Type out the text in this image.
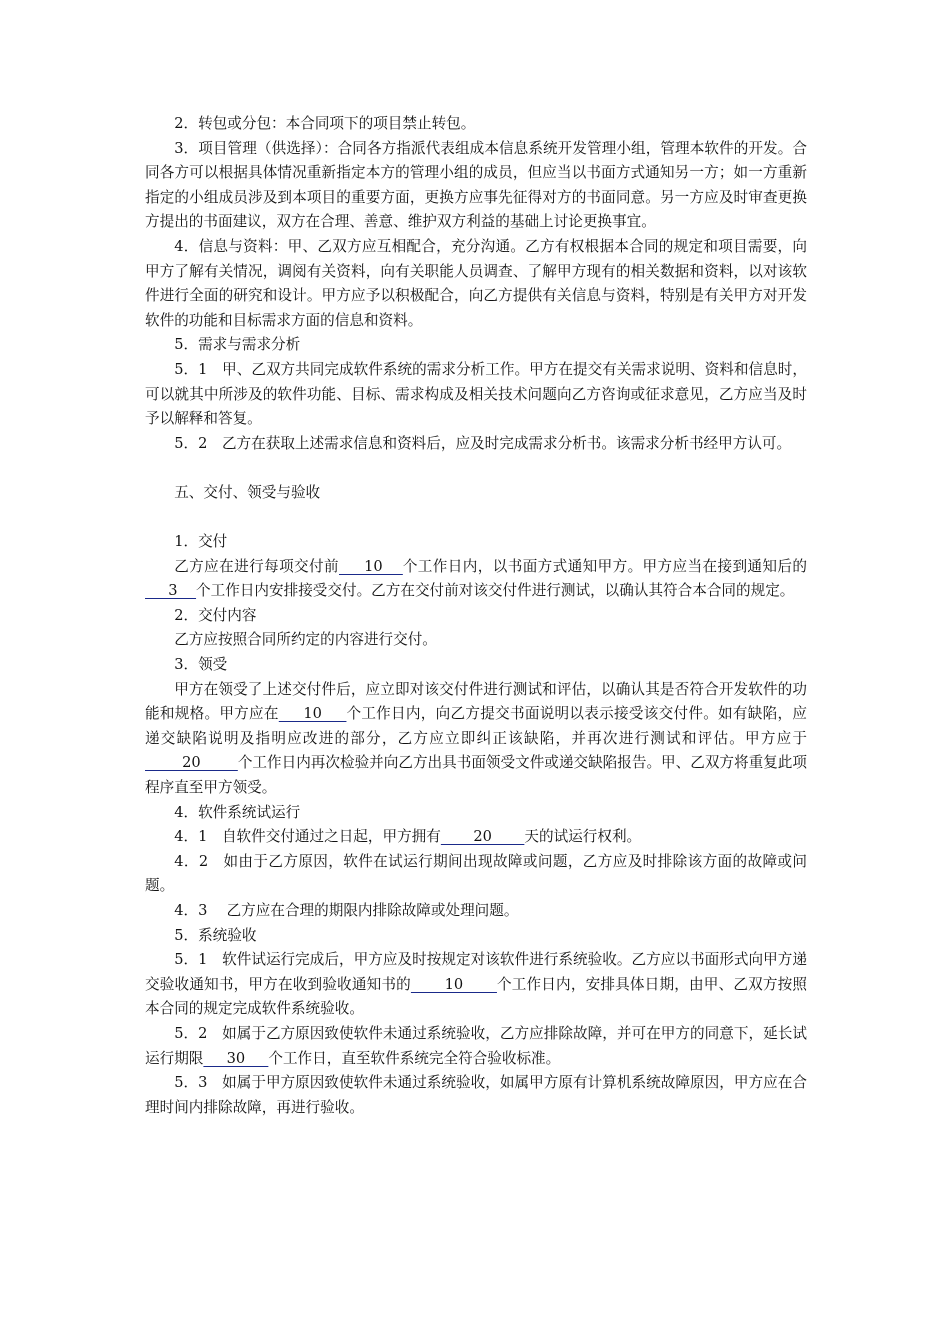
2．转包或分包：本合同项下的项目禁止转包。

3．项目管理（供选择）：合同各方指派代表组成本信息系统开发管理小组，管理本软件的开发。合同各方可以根据具体情况重新指定本方的管理小组的成员，但应当以书面方式通知另一方；如一方重新指定的小组成员涉及到本项目的重要方面，更换方应事先征得对方的书面同意。另一方应及时审查更换方提出的书面建议，双方在合理、善意、维护双方利益的基础上讨论更换事宜。

4．信息与资料：甲、乙双方应互相配合，充分沟通。乙方有权根据本合同的规定和项目需要，向甲方了解有关情况，调阅有关资料，向有关职能人员调查、了解甲方现有的相关数据和资料，以对该软件进行全面的研究和设计。甲方应予以积极配合，向乙方提供有关信息与资料，特别是有关甲方对开发软件的功能和目标需求方面的信息和资料。

5．需求与需求分析

5．1　甲、乙双方共同完成软件系统的需求分析工作。甲方在提交有关需求说明、资料和信息时，可以就其中所涉及的软件功能、目标、需求构成及相关技术问题向乙方咨询或征求意见，乙方应当及时予以解释和答复。

5．2　乙方在获取上述需求信息和资料后，应及时完成需求分析书。该需求分析书经甲方认可。

五、交付、领受与验收

1．交付

乙方应在进行每项交付前     10    个工作日内，以书面方式通知甲方。甲方应当在接到通知后的     3    个工作日内安排接受交付。乙方在交付前对该交付件进行测试，以确认其符合本合同的规定。

2．交付内容

乙方应按照合同所约定的内容进行交付。

3．领受

甲方在领受了上述交付件后，应立即对该交付件进行测试和评估，以确认其是否符合开发软件的功能和规格。甲方应在     10     个工作日内，向乙方提交书面说明以表示接受该交付件。如有缺陷，应递交缺陷说明及指明应改进的部分，乙方应立即纠正该缺陷，并再次进行测试和评估。甲方应于        20        个工作日内再次检验并向乙方出具书面领受文件或递交缺陷报告。甲、乙双方将重复此项程序直至甲方领受。

4．软件系统试运行

4．1　自软件交付通过之日起，甲方拥有       20       天的试运行权利。

4．2　如由于乙方原因，软件在试运行期间出现故障或问题，乙方应及时排除该方面的故障或问题。

4．3　 乙方应在合理的期限内排除故障或处理问题。

5．系统验收

5．1　软件试运行完成后，甲方应及时按规定对该软件进行系统验收。乙方应以书面形式向甲方递交验收通知书，甲方在收到验收通知书的       10       个工作日内，安排具体日期，由甲、乙双方按照本合同的规定完成软件系统验收。

5．2　如属于乙方原因致使软件未通过系统验收，乙方应排除故障，并可在甲方的同意下，延长试运行期限     30     个工作日，直至软件系统完全符合验收标准。

5．3　如属于甲方原因致使软件未通过系统验收，如属甲方原有计算机系统故障原因，甲方应在合理时间内排除故障，再进行验收。
